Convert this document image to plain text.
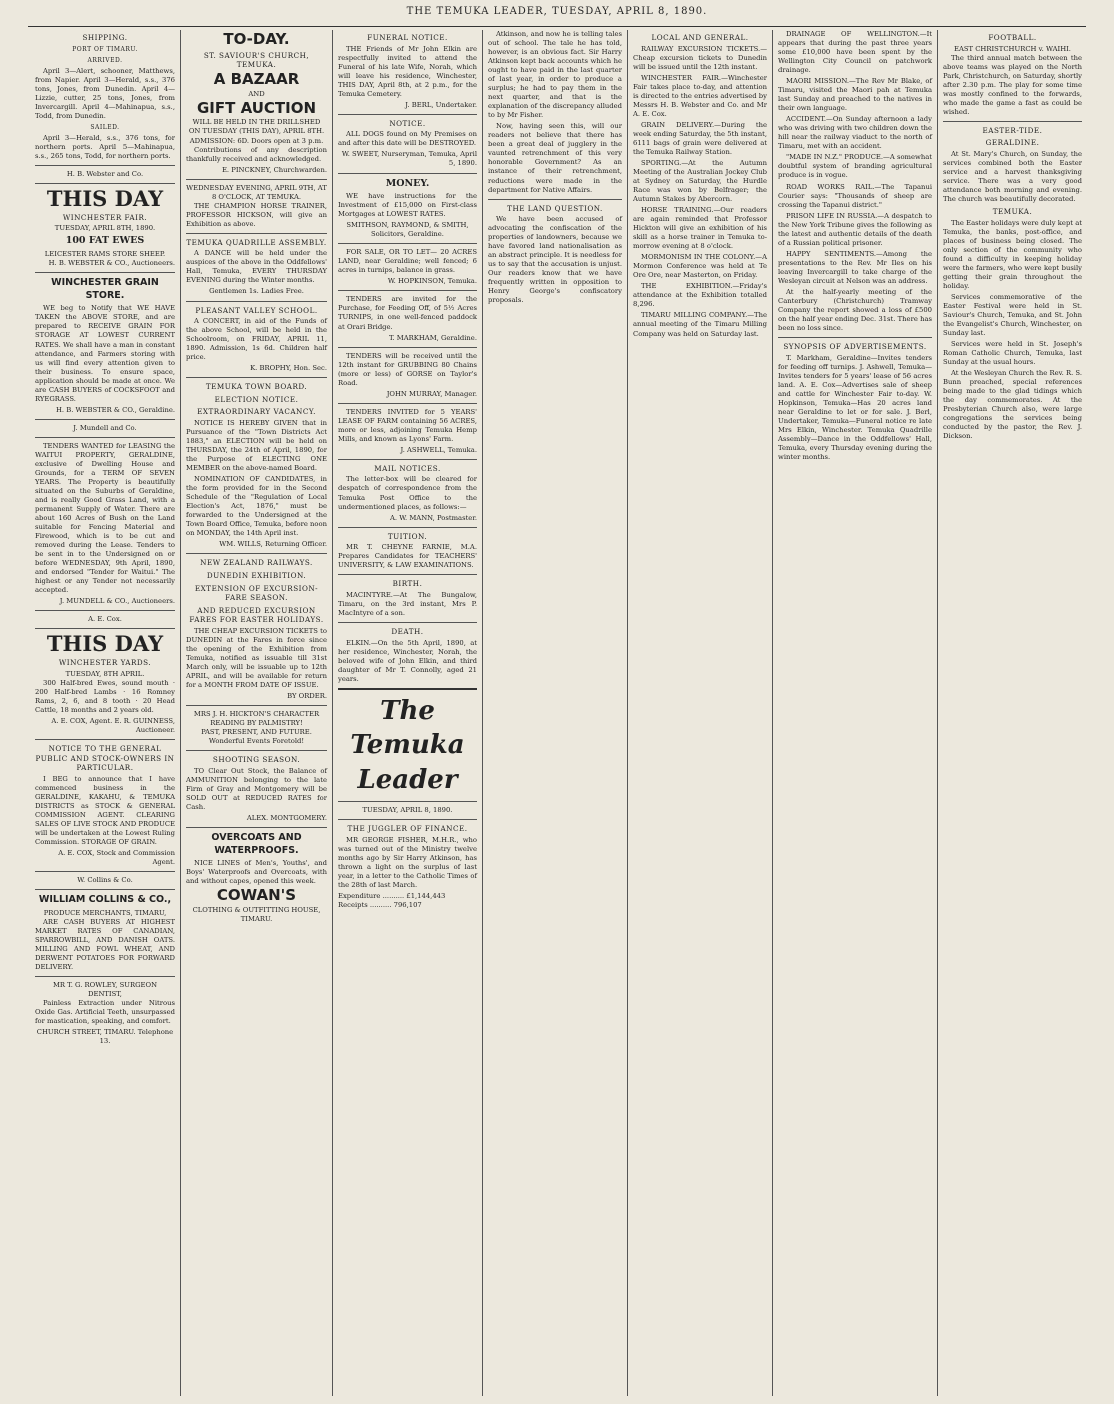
THE TEMUKA LEADER, TUESDAY, APRIL 8, 1890.
SHIPPING.
PORT OF TIMARU.
ARRIVED.

April 3—Alert, schooner, Matthews, from Napier. April 3—Herald, s.s., 376 tons, Jones, from Dunedin. April 4—Lizzie, cutter, 25 tons, Jones, from Invercargill. April 4—Mahinapua, s.s., Todd, from Dunedin.

SAILED.

April 3—Herald, s.s., 376 tons, for northern ports. April 5—Mahinapua, s.s., 265 tons, Todd, for northern ports.

H. B. Webster and Co.
THIS DAY
WINCHESTER FAIR.
TUESDAY, APRIL 8TH, 1890.
100 FAT EWES
LEICESTER RAMS STORE SHEEP.
H. B. WEBSTER & CO., Auctioneers.
WINCHESTER GRAIN STORE.

WE beg to Notify that WE HAVE TAKEN the ABOVE STORE, and are prepared to RECEIVE GRAIN FOR STORAGE AT LOWEST CURRENT RATES. We shall have a man in constant attendance, and Farmers storing with us will find every attention given to their business. To ensure space, application should be made at once. We are CASH BUYERS of COCKSFOOT and RYEGRASS.

H. B. WEBSTER & CO., Geraldine.
J. Mundell and Co.

TENDERS WANTED for LEASING the WAITUI PROPERTY, GERALDINE, exclusive of Dwelling House and Grounds, for a TERM OF SEVEN YEARS. The Property is beautifully situated on the Suburbs of Geraldine, and is really Good Grass Land, with a permanent Supply of Water. There are about 160 Acres of Bush on the Land suitable for Fencing Material and Firewood, which is to be cut and removed during the Lease. Tenders to be sent in to the Undersigned on or before WEDNESDAY, 9th April, 1890, and endorsed "Tender for Waitui." The highest or any Tender not necessarily accepted.

J. MUNDELL & CO., Auctioneers.
A. E. Cox.
THIS DAY
WINCHESTER YARDS.
TUESDAY, 8TH APRIL.

300 Half-bred Ewes, sound mouth · 200 Half-bred Lambs · 16 Romney Rams, 2, 6, and 8 tooth · 20 Head Cattle, 18 months and 2 years old.

A. E. COX, Agent. E. R. GUINNESS, Auctioneer.
NOTICE TO THE GENERAL PUBLIC AND STOCK-OWNERS IN PARTICULAR.

I BEG to announce that I have commenced business in the GERALDINE, KAKAHU, & TEMUKA DISTRICTS as STOCK & GENERAL COMMISSION AGENT. CLEARING SALES OF LIVE STOCK AND PRODUCE will be undertaken at the Lowest Ruling Commission. STORAGE OF GRAIN.

A. E. COX, Stock and Commission Agent.
W. Collins & Co.
WILLIAM COLLINS & CO.,
PRODUCE MERCHANTS, TIMARU,

ARE CASH BUYERS AT HIGHEST MARKET RATES OF CANADIAN, SPARROWBILL, AND DANISH OATS. MILLING AND FOWL WHEAT, AND DERWENT POTATOES FOR FORWARD DELIVERY.

MR T. G. ROWLEY, SURGEON DENTIST,

Painless Extraction under Nitrous Oxide Gas. Artificial Teeth, unsurpassed for mastication, speaking, and comfort.

CHURCH STREET, TIMARU. Telephone 13.
TO-DAY.
ST. SAVIOUR'S CHURCH, TEMUKA.
A BAZAAR
AND
GIFT AUCTION
WILL BE HELD IN THE DRILLSHED ON TUESDAY (THIS DAY), APRIL 8TH.
ADMISSION: 6D. Doors open at 3 p.m.

Contributions of any description thankfully received and acknowledged.

E. PINCKNEY, Churchwarden.
WEDNESDAY EVENING, APRIL 9TH, AT 8 O'CLOCK, AT TEMUKA.

THE CHAMPION HORSE TRAINER, PROFESSOR HICKSON, will give an Exhibition as above.

TEMUKA QUADRILLE ASSEMBLY.

A DANCE will be held under the auspices of the above in the Oddfellows' Hall, Temuka, EVERY THURSDAY EVENING during the Winter months.

Gentlemen 1s. Ladies Free.
PLEASANT VALLEY SCHOOL.

A CONCERT, in aid of the Funds of the above School, will be held in the Schoolroom, on FRIDAY, APRIL 11, 1890. Admission, 1s 6d. Children half price.

K. BROPHY, Hon. Sec.
TEMUKA TOWN BOARD.
ELECTION NOTICE.
EXTRAORDINARY VACANCY.

NOTICE IS HEREBY GIVEN that in Pursuance of the "Town Districts Act 1883," an ELECTION will be held on THURSDAY, the 24th of April, 1890, for the Purpose of ELECTING ONE MEMBER on the above-named Board.

NOMINATION OF CANDIDATES, in the form provided for in the Second Schedule of the "Regulation of Local Election's Act, 1876," must be forwarded to the Undersigned at the Town Board Office, Temuka, before noon on MONDAY, the 14th April inst.

WM. WILLS, Returning Officer.
NEW ZEALAND RAILWAYS.
DUNEDIN EXHIBITION.
EXTENSION OF EXCURSION-FARE SEASON.
AND REDUCED EXCURSION FARES FOR EASTER HOLIDAYS.

THE CHEAP EXCURSION TICKETS to DUNEDIN at the Fares in force since the opening of the Exhibition from Temuka, notified as issuable till 31st March only, will be issuable up to 12th APRIL, and will be available for return for a MONTH FROM DATE OF ISSUE.

BY ORDER.
MRS J. H. HICKTON'S CHARACTER READING BY PALMISTRY!
PAST, PRESENT, AND FUTURE. Wonderful Events Foretold!
SHOOTING SEASON.

TO Clear Out Stock, the Balance of AMMUNITION belonging to the late Firm of Gray and Montgomery will be SOLD OUT at REDUCED RATES for Cash.

ALEX. MONTGOMERY.
OVERCOATS AND WATERPROOFS.

NICE LINES of Men's, Youths', and Boys' Waterproofs and Overcoats, with and without capes, opened this week.

COWAN'S
CLOTHING & OUTFITTING HOUSE, TIMARU.
FUNERAL NOTICE.

THE Friends of Mr John Elkin are respectfully invited to attend the Funeral of his late Wife, Norah, which will leave his residence, Winchester, THIS DAY, April 8th, at 2 p.m., for the Temuka Cemetery.

J. BERL, Undertaker.
NOTICE.

ALL DOGS found on My Premises on and after this date will be DESTROYED.

W. SWEET, Nurseryman, Temuka, April 5, 1890.
MONEY.

WE have instructions for the Investment of £15,000 on First-class Mortgages at LOWEST RATES.

SMITHSON, RAYMOND, & SMITH, Solicitors, Geraldine.

FOR SALE, OR TO LET— 20 ACRES LAND, near Geraldine; well fenced; 6 acres in turnips, balance in grass.

W. HOPKINSON, Temuka.

TENDERS are invited for the Purchase, for Feeding Off, of 5½ Acres TURNIPS, in one well-fenced paddock at Orari Bridge.

T. MARKHAM, Geraldine.

TENDERS will be received until the 12th instant for GRUBBING 80 Chains (more or less) of GORSE on Taylor's Road.

JOHN MURRAY, Manager.

TENDERS INVITED for 5 YEARS' LEASE OF FARM containing 56 ACRES, more or less, adjoining Temuka Hemp Mills, and known as Lyons' Farm.

J. ASHWELL, Temuka.
MAIL NOTICES.

The letter-box will be cleared for despatch of correspondence from the Temuka Post Office to the undermentioned places, as follows:—

A. W. MANN, Postmaster.
TUITION.

MR T. CHEYNE FARNIE, M.A. Prepares Candidates for TEACHERS' UNIVERSITY, & LAW EXAMINATIONS.

BIRTH.

MACINTYRE.—At The Bungalow, Timaru, on the 3rd instant, Mrs P. MacIntyre of a son.

DEATH.

ELKIN.—On the 5th April, 1890, at her residence, Winchester, Norah, the beloved wife of John Elkin, and third daughter of Mr T. Connolly, aged 21 years.

The Temuka Leader
TUESDAY, APRIL 8, 1890.
THE JUGGLER OF FINANCE.

MR GEORGE FISHER, M.H.R., who was turned out of the Ministry twelve months ago by Sir Harry Atkinson, has thrown a light on the surplus of last year, in a letter to the Catholic Times of the 28th of last March.

Expenditure .......... £1,144,443
Receipts .......... 796,107

Atkinson, and now he is telling tales out of school. The tale he has told, however, is an obvious fact. Sir Harry Atkinson kept back accounts which he ought to have paid in the last quarter of last year, in order to produce a surplus; he had to pay them in the next quarter, and that is the explanation of the discrepancy alluded to by Mr Fisher.

Now, having seen this, will our readers not believe that there has been a great deal of jugglery in the vaunted retrenchment of this very honorable Government? As an instance of their retrenchment, reductions were made in the department for Native Affairs.

THE LAND QUESTION.

We have been accused of advocating the confiscation of the properties of landowners, because we have favored land nationalisation as an abstract principle. It is needless for us to say that the accusation is unjust. Our readers know that we have frequently written in opposition to Henry George's confiscatory proposals.

LOCAL AND GENERAL.

RAILWAY EXCURSION TICKETS.—Cheap excursion tickets to Dunedin will be issued until the 12th instant.

WINCHESTER FAIR.—Winchester Fair takes place to-day, and attention is directed to the entries advertised by Messrs H. B. Webster and Co. and Mr A. E. Cox.

GRAIN DELIVERY.—During the week ending Saturday, the 5th instant, 6111 bags of grain were delivered at the Temuka Railway Station.

SPORTING.—At the Autumn Meeting of the Australian Jockey Club at Sydney on Saturday, the Hurdle Race was won by Belfrager; the Autumn Stakes by Abercorn.

HORSE TRAINING.—Our readers are again reminded that Professor Hickton will give an exhibition of his skill as a horse trainer in Temuka to-morrow evening at 8 o'clock.

MORMONISM IN THE COLONY.—A Mormon Conference was held at Te Ore Ore, near Masterton, on Friday.

THE EXHIBITION.—Friday's attendance at the Exhibition totalled 8,296.

TIMARU MILLING COMPANY.—The annual meeting of the Timaru Milling Company was held on Saturday last.

DRAINAGE OF WELLINGTON.—It appears that during the past three years some £10,000 have been spent by the Wellington City Council on patchwork drainage.

MAORI MISSION.—The Rev Mr Blake, of Timaru, visited the Maori pah at Temuka last Sunday and preached to the natives in their own language.

ACCIDENT.—On Sunday afternoon a lady who was driving with two children down the hill near the railway viaduct to the north of Timaru, met with an accident.

"MADE IN N.Z." PRODUCE.—A somewhat doubtful system of branding agricultural produce is in vogue.

ROAD WORKS RAIL.—The Tapanui Courier says: "Thousands of sheep are crossing the Tapanui district."

PRISON LIFE IN RUSSIA.—A despatch to the New York Tribune gives the following as the latest and authentic details of the death of a Russian political prisoner.

HAPPY SENTIMENTS.—Among the presentations to the Rev. Mr Iles on his leaving Invercargill to take charge of the Wesleyan circuit at Nelson was an address.

At the half-yearly meeting of the Canterbury (Christchurch) Tramway Company the report showed a loss of £500 on the half year ending Dec. 31st. There has been no loss since.

SYNOPSIS OF ADVERTISEMENTS.

T. Markham, Geraldine—Invites tenders for feeding off turnips. J. Ashwell, Temuka—Invites tenders for 5 years' lease of 56 acres land. A. E. Cox—Advertises sale of sheep and cattle for Winchester Fair to-day. W. Hopkinson, Temuka—Has 20 acres land near Geraldine to let or for sale. J. Berl, Undertaker, Temuka—Funeral notice re late Mrs Elkin, Winchester. Temuka Quadrille Assembly—Dance in the Oddfellows' Hall, Temuka, every Thursday evening during the winter months.

FOOTBALL.
EAST CHRISTCHURCH v. WAIHI.

The third annual match between the above teams was played on the North Park, Christchurch, on Saturday, shortly after 2.30 p.m. The play for some time was mostly confined to the forwards, who made the game a fast as could be wished.

EASTER-TIDE.
GERALDINE.

At St. Mary's Church, on Sunday, the services combined both the Easter service and a harvest thanksgiving service. There was a very good attendance both morning and evening. The church was beautifully decorated.

TEMUKA.

The Easter holidays were duly kept at Temuka, the banks, post-office, and places of business being closed. The only section of the community who found a difficulty in keeping holiday were the farmers, who were kept busily getting their grain throughout the holiday.

Services commemorative of the Easter Festival were held in St. Saviour's Church, Temuka, and St. John the Evangelist's Church, Winchester, on Sunday last.

Services were held in St. Joseph's Roman Catholic Church, Temuka, last Sunday at the usual hours.

At the Wesleyan Church the Rev. R. S. Bunn preached, special references being made to the glad tidings which the day commemorates. At the Presbyterian Church also, were large congregations the services being conducted by the pastor, the Rev. J. Dickson.
